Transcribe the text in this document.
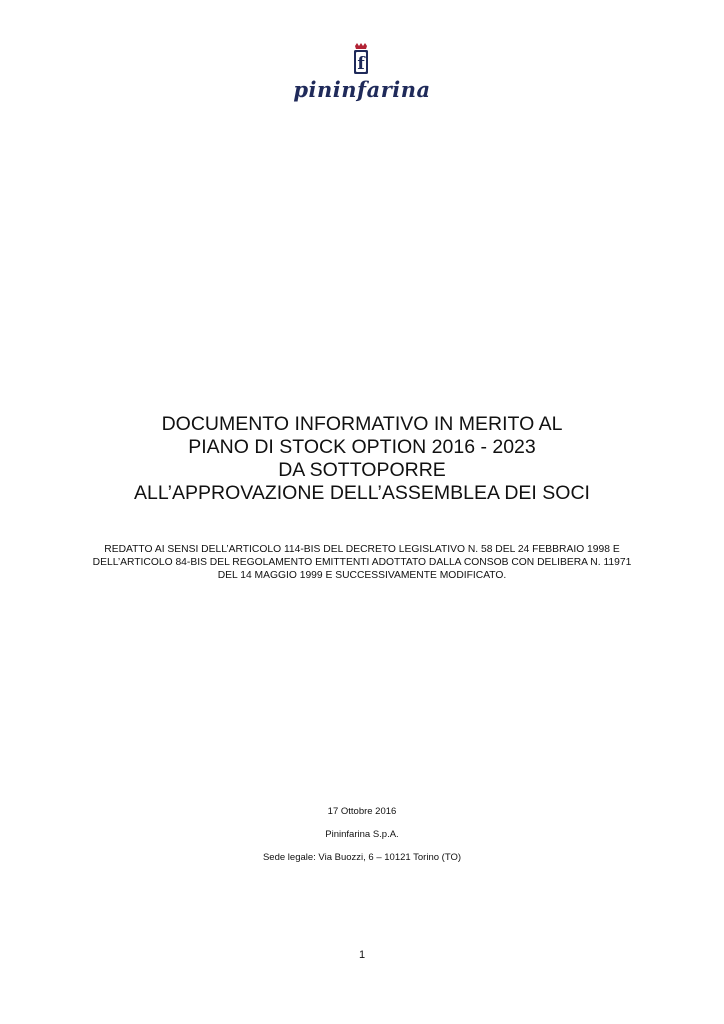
f
pininfarina
DOCUMENTO INFORMATIVO IN MERITO AL
PIANO DI STOCK OPTION 2016 - 2023
DA SOTTOPORRE
ALL’APPROVAZIONE DELL’ASSEMBLEA DEI SOCI
REDATTO AI SENSI DELL’ARTICOLO 114-BIS DEL DECRETO LEGISLATIVO N. 58 DEL 24 FEBBRAIO 1998 E
DELL’ARTICOLO 84-BIS DEL REGOLAMENTO EMITTENTI ADOTTATO DALLA CONSOB CON DELIBERA N. 11971
DEL 14 MAGGIO 1999 E SUCCESSIVAMENTE MODIFICATO.
17 Ottobre 2016
Pininfarina S.p.A.
Sede legale: Via Buozzi, 6 – 10121 Torino (TO)
1
